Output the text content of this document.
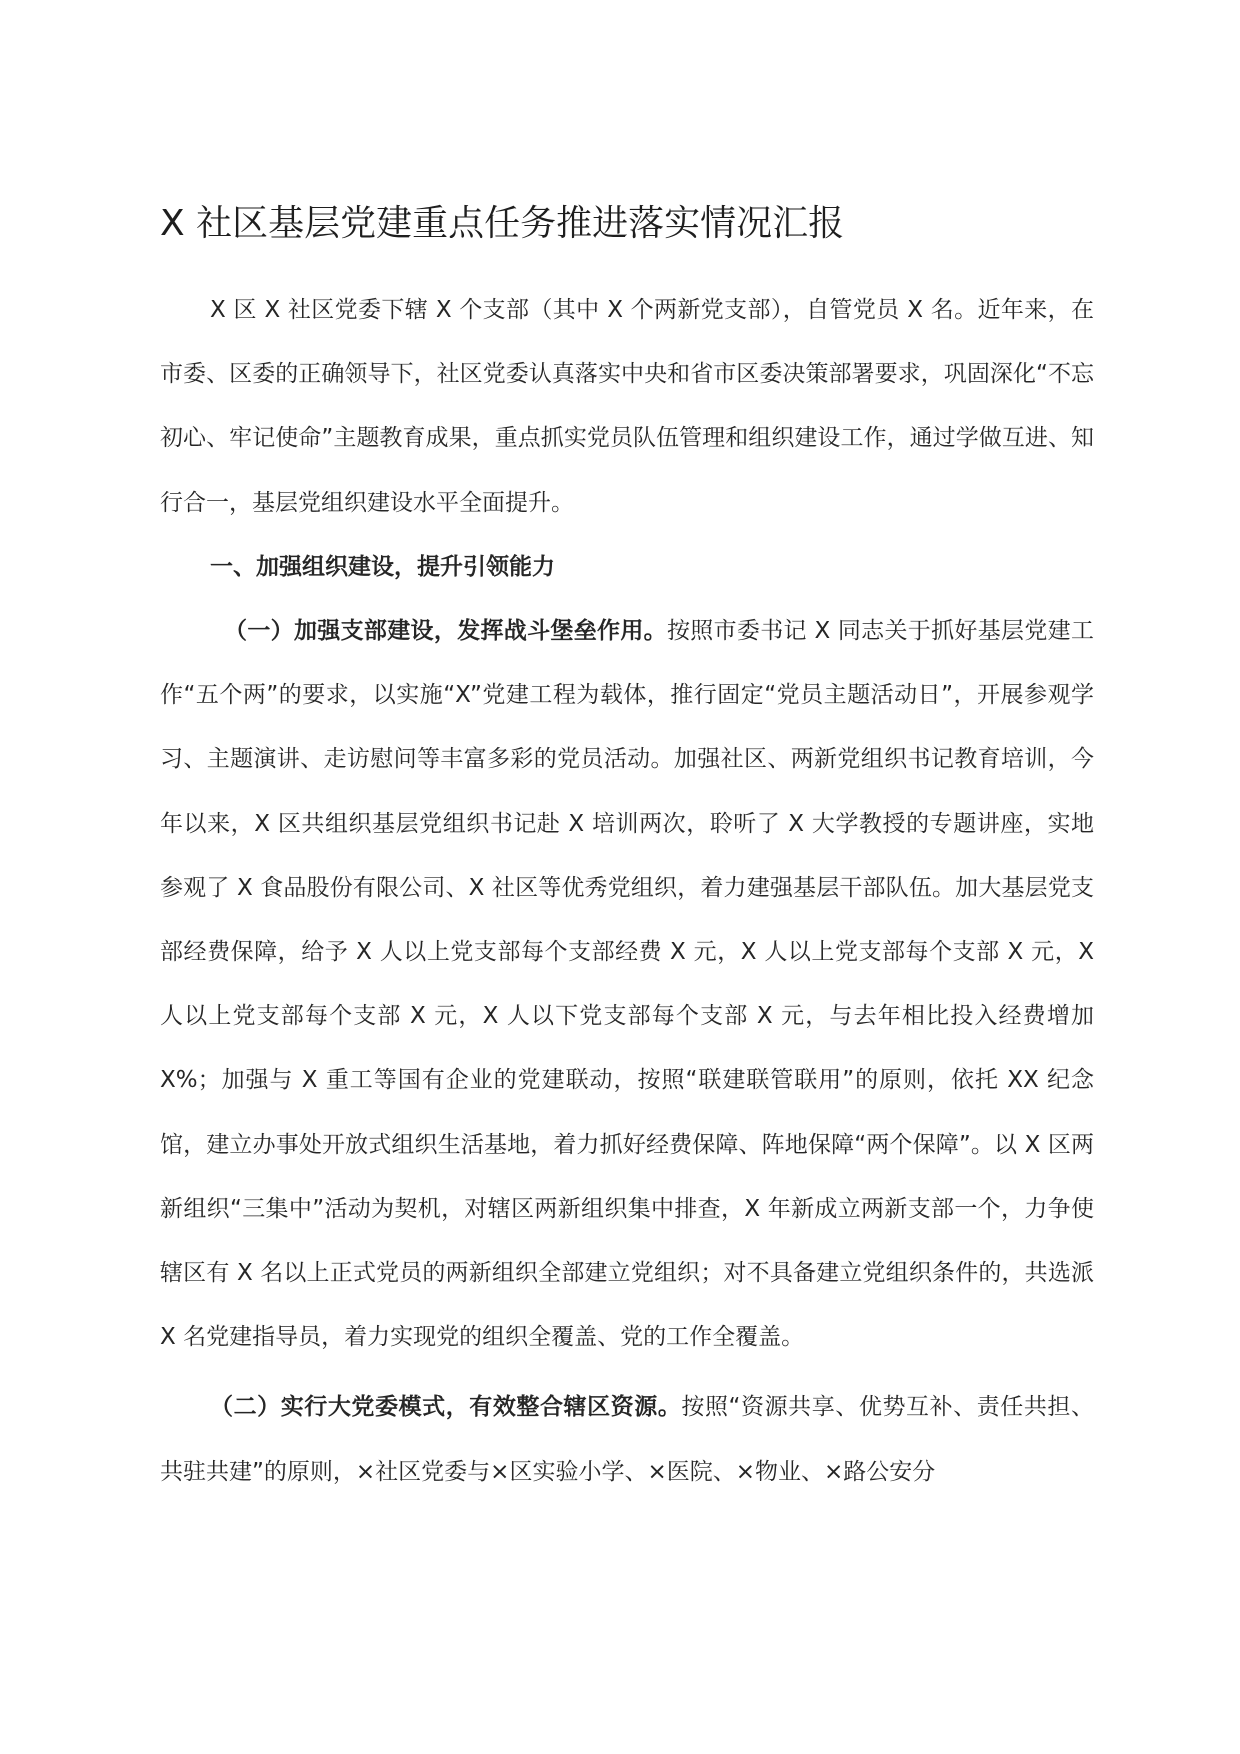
X 社区基层党建重点任务推进落实情况汇报

X 区 X 社区党委下辖 X 个支部（其中 X 个两新党支部），自管党员 X 名。近年来，在市委、区委的正确领导下，社区党委认真落实中央和省市区委决策部署要求，巩固深化“不忘初心、牢记使命”主题教育成果，重点抓实党员队伍管理和组织建设工作，通过学做互进、知行合一，基层党组织建设水平全面提升。

一、加强组织建设，提升引领能力

（一）加强支部建设，发挥战斗堡垒作用。按照市委书记 X 同志关于抓好基层党建工作“五个两”的要求，以实施“X”党建工程为载体，推行固定“党员主题活动日”，开展参观学习、主题演讲、走访慰问等丰富多彩的党员活动。加强社区、两新党组织书记教育培训，今年以来，X 区共组织基层党组织书记赴 X 培训两次，聆听了 X 大学教授的专题讲座，实地参观了 X 食品股份有限公司、X 社区等优秀党组织，着力建强基层干部队伍。加大基层党支部经费保障，给予 X 人以上党支部每个支部经费 X 元，X 人以上党支部每个支部 X 元，X 人以上党支部每个支部 X 元，X 人以下党支部每个支部 X 元，与去年相比投入经费增加 X%；加强与 X 重工等国有企业的党建联动，按照“联建联管联用”的原则，依托 XX 纪念馆，建立办事处开放式组织生活基地，着力抓好经费保障、阵地保障“两个保障”。以 X 区两新组织“三集中”活动为契机，对辖区两新组织集中排查，X 年新成立两新支部一个，力争使辖区有 X 名以上正式党员的两新组织全部建立党组织；对不具备建立党组织条件的，共选派 X 名党建指导员，着力实现党的组织全覆盖、党的工作全覆盖。

（二）实行大党委模式，有效整合辖区资源。按照“资源共享、优势互补、责任共担、共驻共建”的原则，×社区党委与×区实验小学、×医院、×物业、×路公安分
